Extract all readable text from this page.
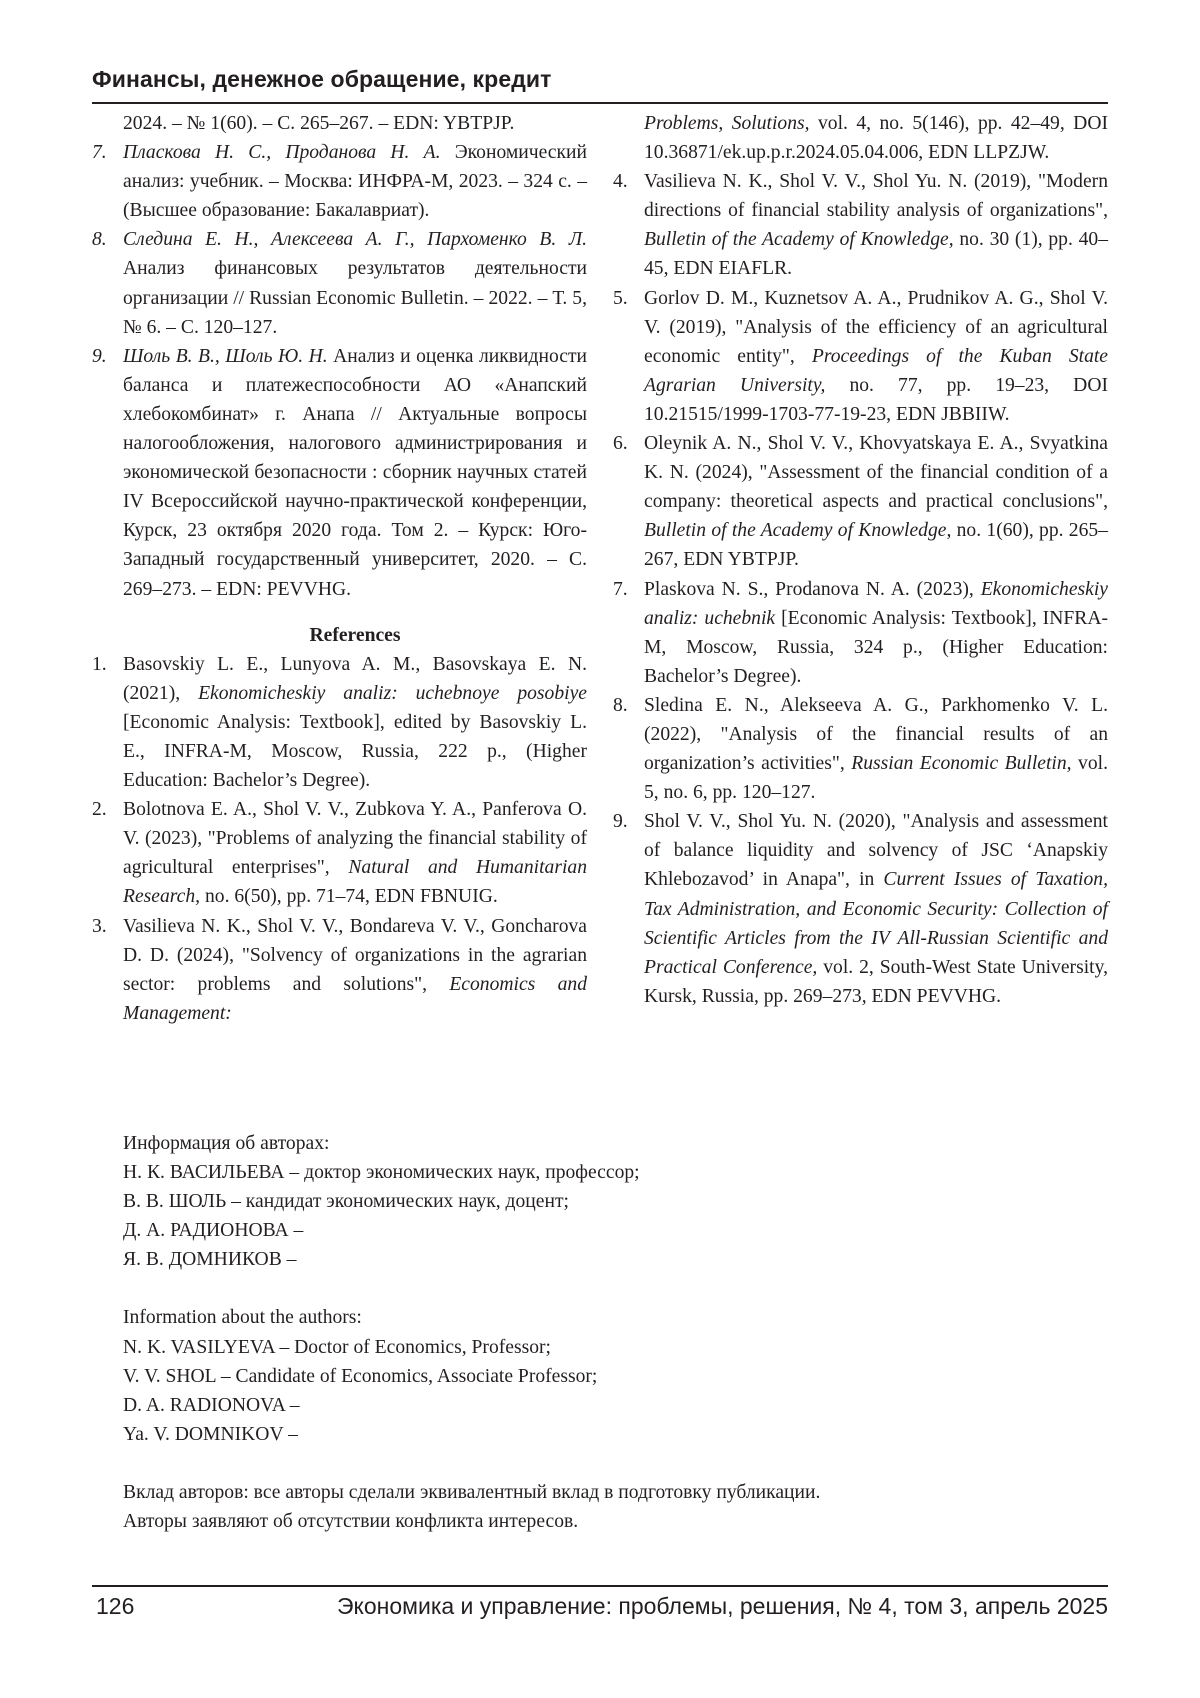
Финансы, денежное обращение, кредит
2024. – № 1(60). – С. 265–267. – EDN: YBTPJP.
7. Пласкова Н. С., Проданова Н. А. Экономический анализ: учебник. – Москва: ИНФРА-М, 2023. – 324 с. – (Высшее образование: Бакалавриат).
8. Следина Е. Н., Алексеева А. Г., Пархоменко В. Л. Анализ финансовых результатов деятельности организации // Russian Economic Bulletin. – 2022. – Т. 5, № 6. – С. 120–127.
9. Шоль В. В., Шоль Ю. Н. Анализ и оценка ликвидности баланса и платежеспособности АО «Анапский хлебокомбинат» г. Анапа // Актуальные вопросы налогообложения, налогового администрирования и экономической безопасности : сборник научных статей IV Всероссийской научно-практической конференции, Курск, 23 октября 2020 года. Том 2. – Курск: Юго-Западный государственный университет, 2020. – С. 269–273. – EDN: PEVVHG.
References
1. Basovskiy L. E., Lunyova A. M., Basovskaya E. N. (2021), Ekonomicheskiy analiz: uchebnoye posobiye [Economic Analysis: Textbook], edited by Basovskiy L. E., INFRA-M, Moscow, Russia, 222 p., (Higher Education: Bachelor’s Degree).
2. Bolotnova E. A., Shol V. V., Zubkova Y. A., Panferova O. V. (2023), "Problems of analyzing the financial stability of agricultural enterprises", Natural and Humanitarian Research, no. 6(50), pp. 71–74, EDN FBNUIG.
3. Vasilieva N. K., Shol V. V., Bondareva V. V., Goncharova D. D. (2024), "Solvency of organizations in the agrarian sector: problems and solutions", Economics and Management:
Problems, Solutions, vol. 4, no. 5(146), pp. 42–49, DOI 10.36871/ek.up.p.r.2024.05.04.006, EDN LLPZJW.
4. Vasilieva N. K., Shol V. V., Shol Yu. N. (2019), "Modern directions of financial stability analysis of organizations", Bulletin of the Academy of Knowledge, no. 30 (1), pp. 40–45, EDN EIAFLR.
5. Gorlov D. M., Kuznetsov A. A., Prudnikov A. G., Shol V. V. (2019), "Analysis of the efficiency of an agricultural economic entity", Proceedings of the Kuban State Agrarian University, no. 77, pp. 19–23, DOI 10.21515/1999-1703-77-19-23, EDN JBBIIW.
6. Oleynik A. N., Shol V. V., Khovyatskaya E. A., Svyatkina K. N. (2024), "Assessment of the financial condition of a company: theoretical aspects and practical conclusions", Bulletin of the Academy of Knowledge, no. 1(60), pp. 265–267, EDN YBTPJP.
7. Plaskova N. S., Prodanova N. A. (2023), Ekonomicheskiy analiz: uchebnik [Economic Analysis: Textbook], INFRA-M, Moscow, Russia, 324 p., (Higher Education: Bachelor’s Degree).
8. Sledina E. N., Alekseeva A. G., Parkhomenko V. L. (2022), "Analysis of the financial results of an organization’s activities", Russian Economic Bulletin, vol. 5, no. 6, pp. 120–127.
9. Shol V. V., Shol Yu. N. (2020), "Analysis and assessment of balance liquidity and solvency of JSC ‘Anapskiy Khlebozavod’ in Anapa", in Current Issues of Taxation, Tax Administration, and Economic Security: Collection of Scientific Articles from the IV All-Russian Scientific and Practical Conference, vol. 2, South-West State University, Kursk, Russia, pp. 269–273, EDN PEVVHG.
Информация об авторах:
Н. К. ВАСИЛЬЕВА – доктор экономических наук, профессор;
В. В. ШОЛЬ – кандидат экономических наук, доцент;
Д. А. РАДИОНОВА –
Я. В. ДОМНИКОВ –
Information about the authors:
N. K. VASILYEVA – Doctor of Economics, Professor;
V. V. SHOL – Candidate of Economics, Associate Professor;
D. A. RADIONOVA –
Ya. V. DOMNIKOV –
Вклад авторов: все авторы сделали эквивалентный вклад в подготовку публикации.
Авторы заявляют об отсутствии конфликта интересов.
126	Экономика и управление: проблемы, решения, № 4, том 3, апрель 2025
